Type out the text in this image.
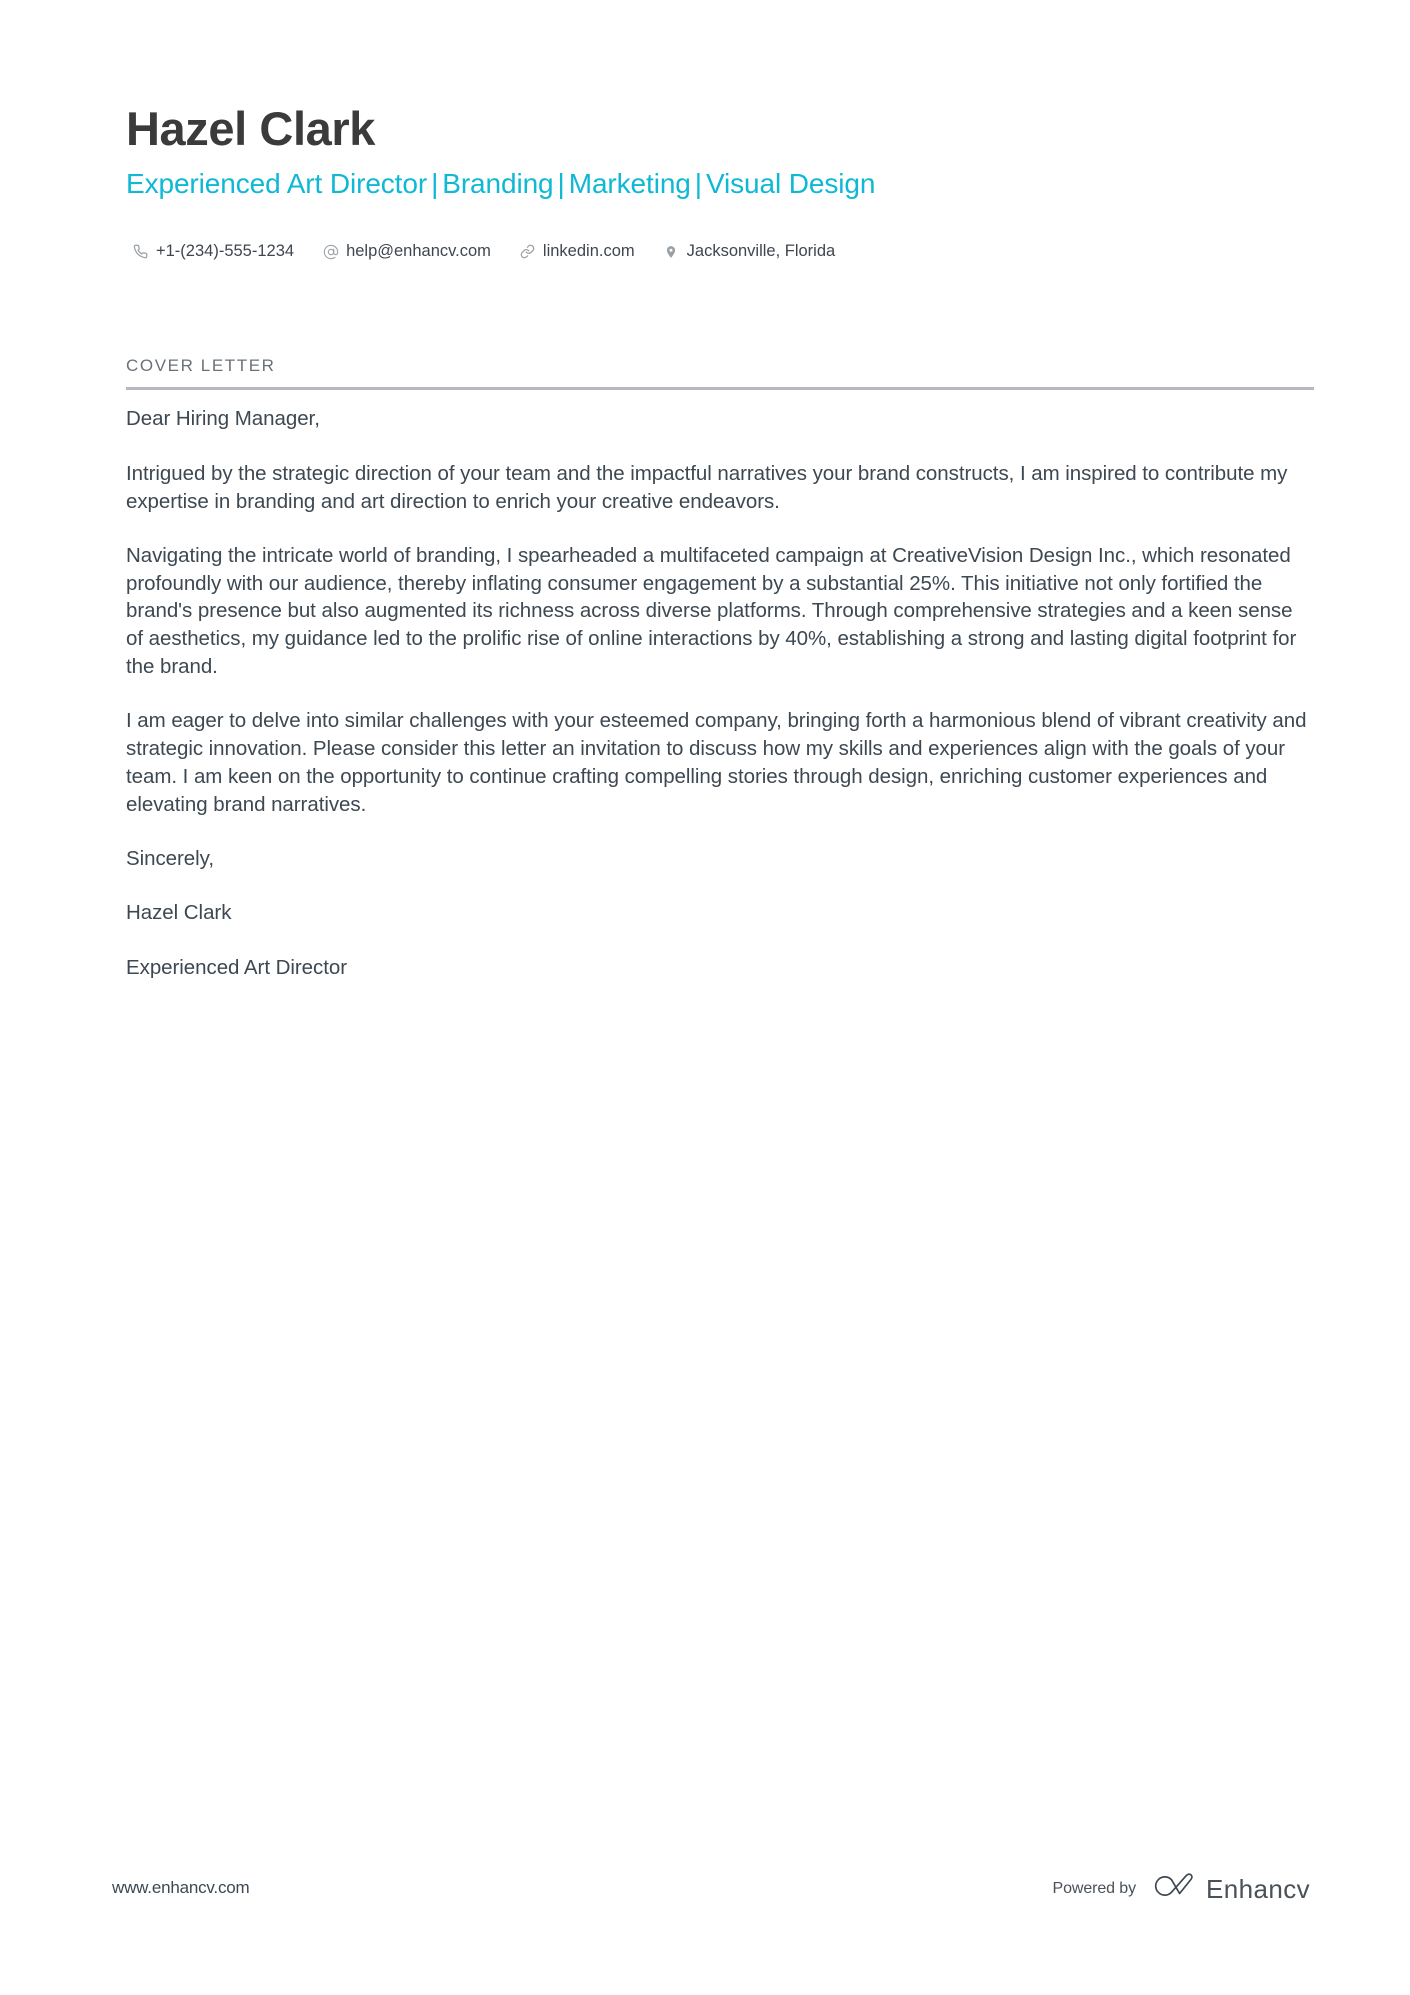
Hazel Clark
Experienced Art Director | Branding | Marketing | Visual Design
+1-(234)-555-1234	help@enhancv.com	linkedin.com	Jacksonville, Florida
COVER LETTER

Dear Hiring Manager,

Intrigued by the strategic direction of your team and the impactful narratives your brand constructs, I am inspired to contribute my expertise in branding and art direction to enrich your creative endeavors.

Navigating the intricate world of branding, I spearheaded a multifaceted campaign at CreativeVision Design Inc., which resonated profoundly with our audience, thereby inflating consumer engagement by a substantial 25%. This initiative not only fortified the brand's presence but also augmented its richness across diverse platforms. Through comprehensive strategies and a keen sense of aesthetics, my guidance led to the prolific rise of online interactions by 40%, establishing a strong and lasting digital footprint for the brand.

I am eager to delve into similar challenges with your esteemed company, bringing forth a harmonious blend of vibrant creativity and strategic innovation. Please consider this letter an invitation to discuss how my skills and experiences align with the goals of your team. I am keen on the opportunity to continue crafting compelling stories through design, enriching customer experiences and elevating brand narratives.

Sincerely,

Hazel Clark

Experienced Art Director

www.enhancv.com	Powered by	Enhancv
